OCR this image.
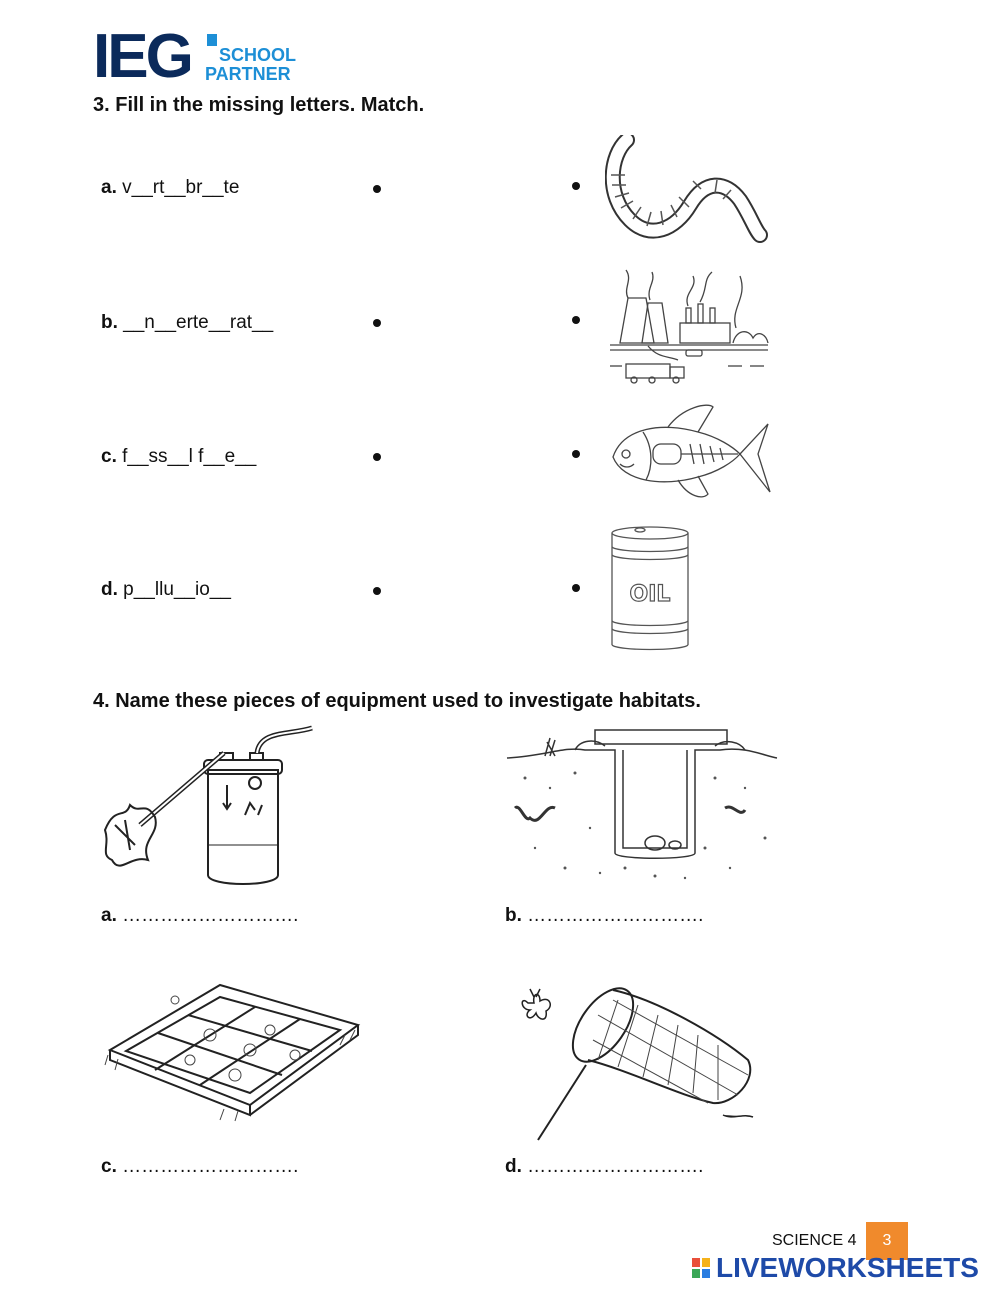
IEG	SCHOOL
PARTNER
3. Fill in the missing letters. Match.
a. v__rt__br__te
b. __n__erte__rat__
c. f__ss__l f__e__
d. p__llu__io__	OIL
4. Name these pieces of equipment used to investigate habitats.
a. ……………………….	b. ……………………….
c. ……………………….	d. ……………………….
SCIENCE 4	3
LIVEWORKSHEETS
